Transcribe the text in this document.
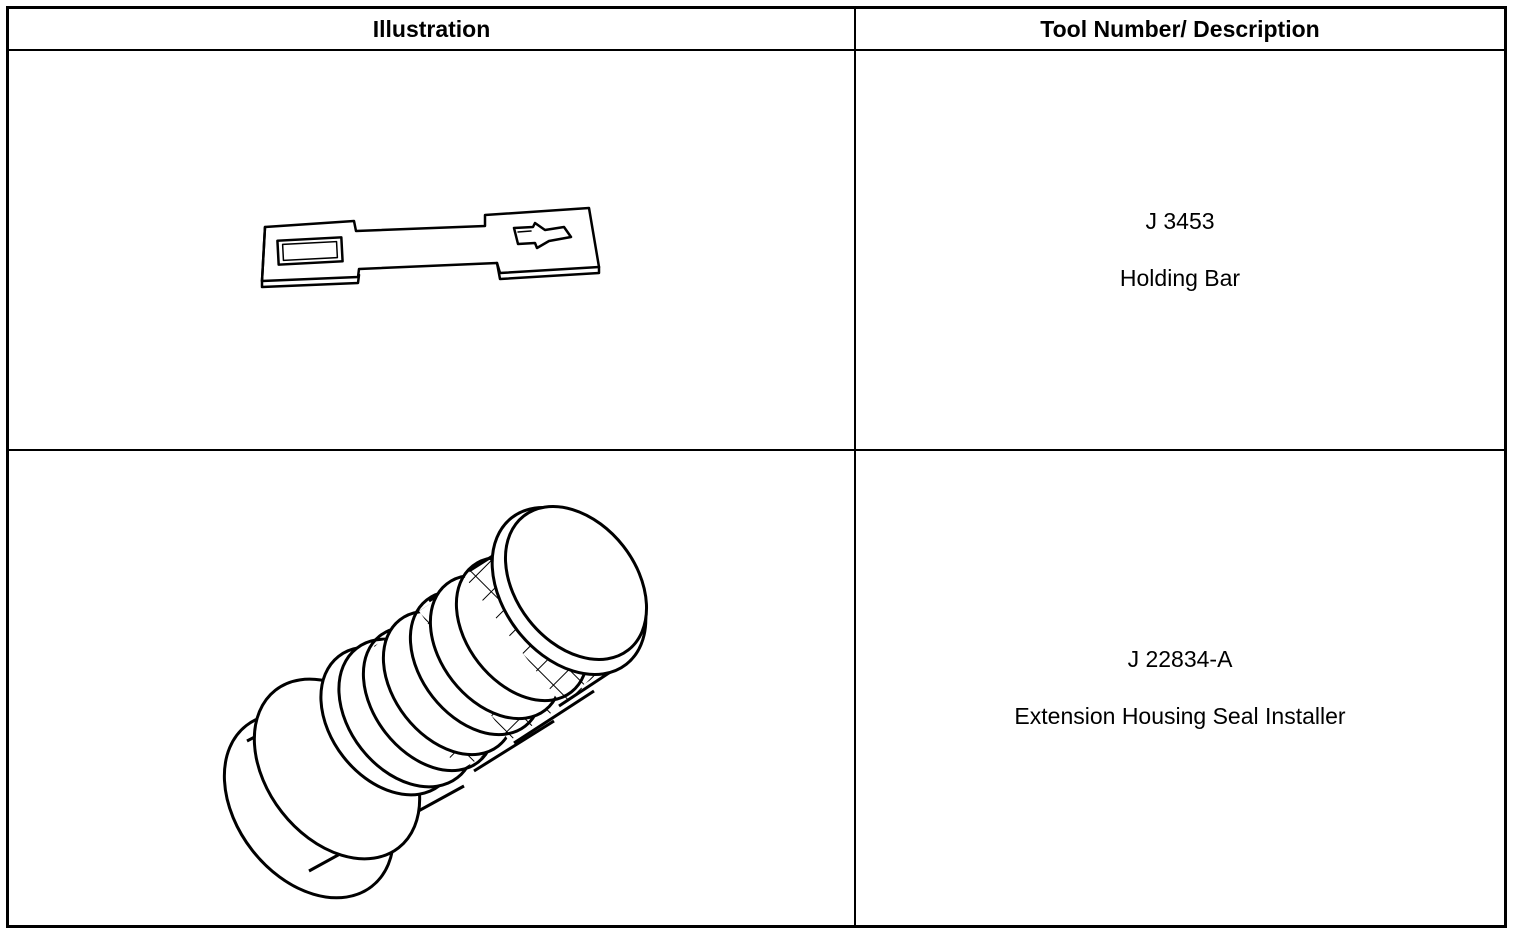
Illustration	Tool Number/ Description
J 3453
Holding Bar
J 22834-A
Extension Housing Seal Installer
